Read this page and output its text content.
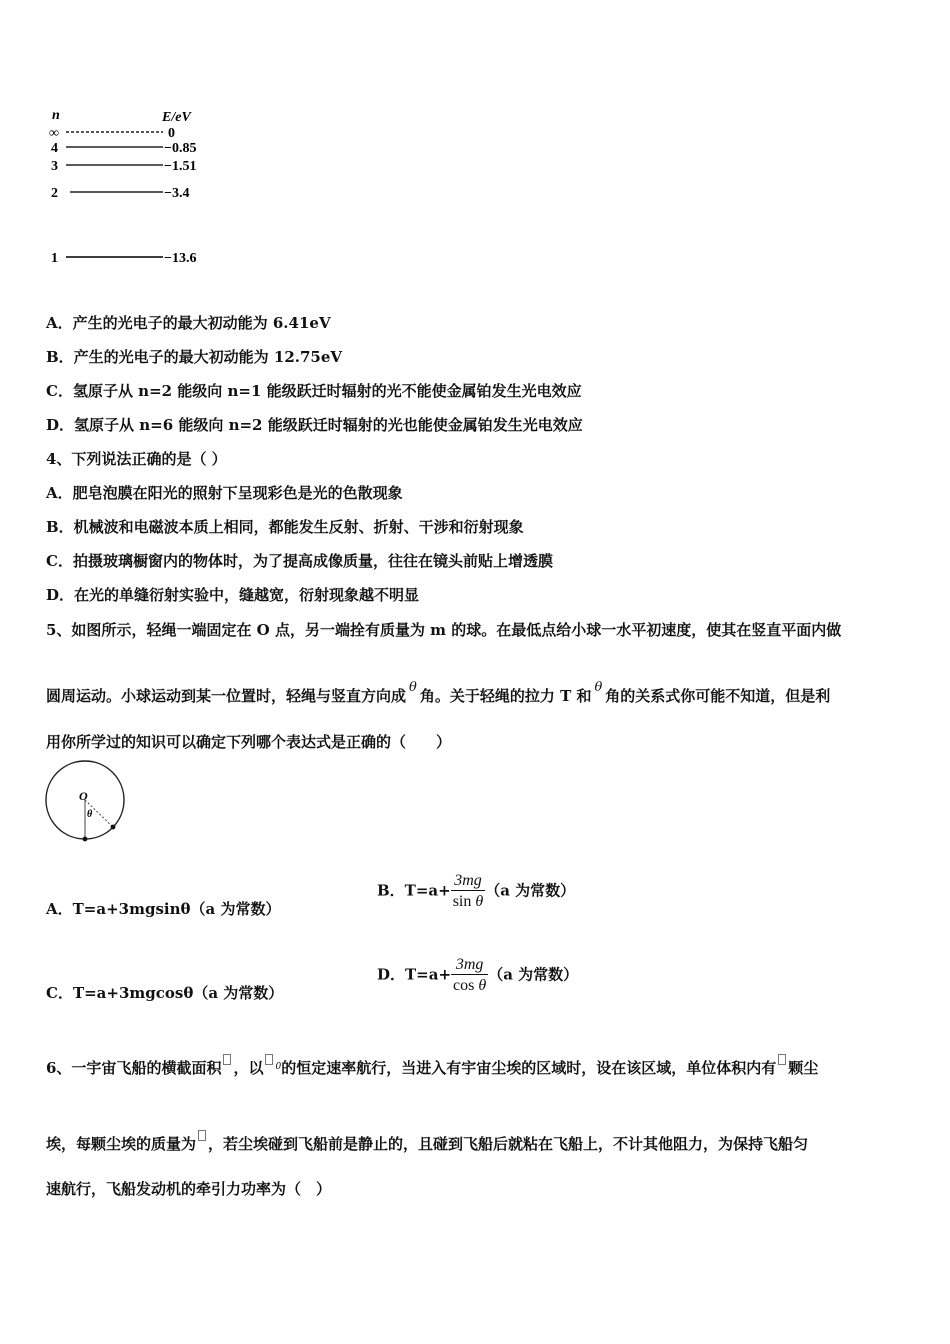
n	E/eV
∞	0
4	−0.85
3	−1.51
2	−3.4
1	−13.6
A．产生的光电子的最大初动能为 6.41eV
B．产生的光电子的最大初动能为 12.75eV
C．氢原子从 n=2 能级向 n=1 能级跃迁时辐射的光不能使金属铂发生光电效应
D．氢原子从 n=6 能级向 n=2 能级跃迁时辐射的光也能使金属铂发生光电效应
4、下列说法正确的是（ ）
A．肥皂泡膜在阳光的照射下呈现彩色是光的色散现象
B．机械波和电磁波本质上相同，都能发生反射、折射、干涉和衍射现象
C．拍摄玻璃橱窗内的物体时，为了提高成像质量，往往在镜头前贴上增透膜
D．在光的单缝衍射实验中，缝越宽，衍射现象越不明显
5、如图所示，轻绳一端固定在 O 点，另一端拴有质量为 m 的球。在最低点给小球一水平初速度，使其在竖直平面内做
圆周运动。小球运动到某一位置时，轻绳与竖直方向成 θ 角。关于轻绳的拉力 T 和 θ 角的关系式你可能不知道，但是利
用你所学过的知识可以确定下列哪个表达式是正确的（　　）
O
θ
A．T=a+3mgsinθ（a 为常数）
B．$T=a+ \frac{3mg}{\text{sin θ}} (a$ 为常数）
C．T=a+3mgcosθ（a 为常数）
D．$T=a+ \frac{3mg}{\text{cos θ}} (a$ 为常数）
6、一宇宙飞船的横截面积 ，以 $^0$的恒定速率航行，当进入有宇宙尘埃的区域时，设在该区域，单位体积内有 颗尘
埃，每颗尘埃的质量为 ，若尘埃碰到飞船前是静止的，且碰到飞船后就粘在飞船上，不计其他阻力，为保持飞船匀
速航行，飞船发动机的牵引力功率为（　）
